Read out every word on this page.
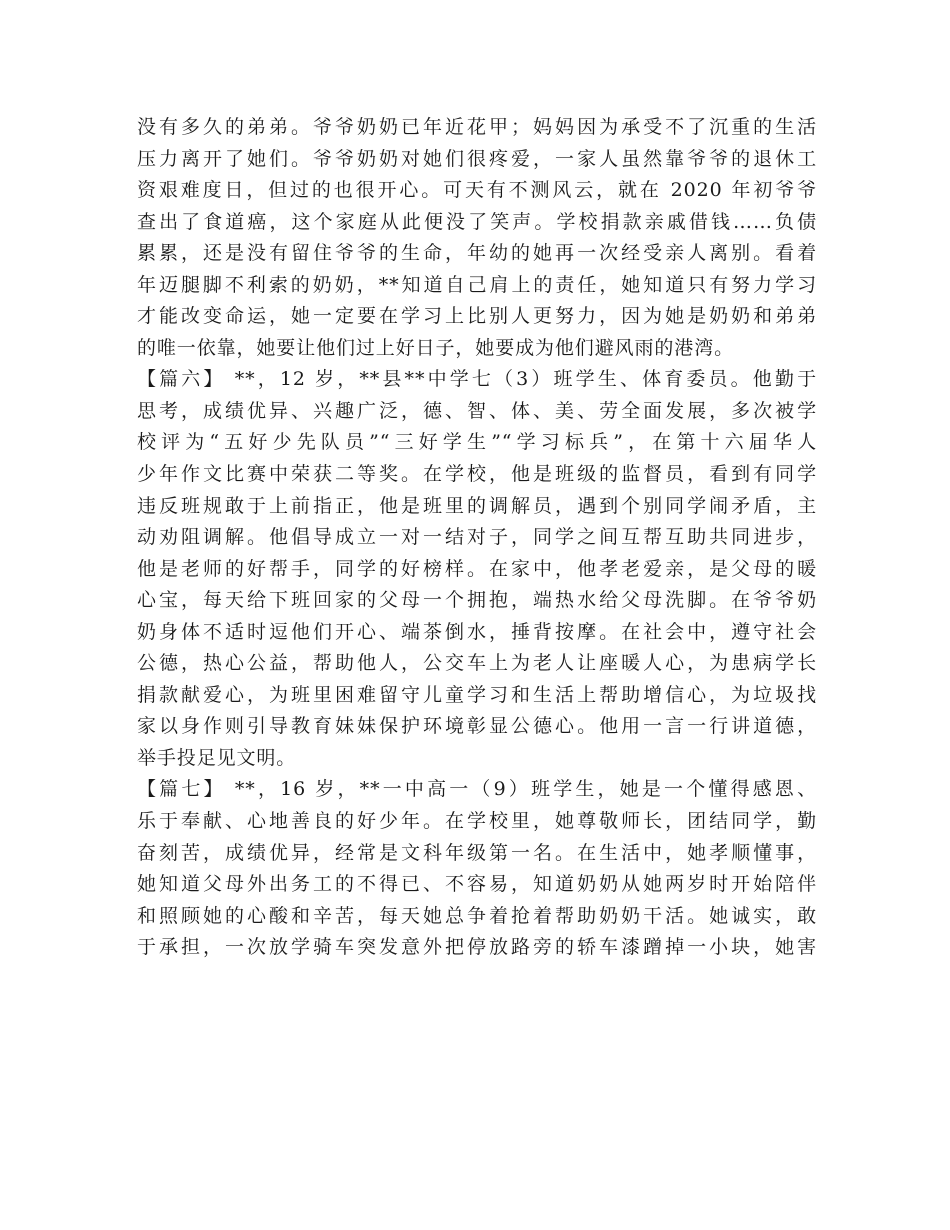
没有多久的弟弟。爷爷奶奶已年近花甲；妈妈因为承受不了沉重的生活
压力离开了她们。爷爷奶奶对她们很疼爱，一家人虽然靠爷爷的退休工
资艰难度日，但过的也很开心。可天有不测风云，就在 2020 年初爷爷
查出了食道癌，这个家庭从此便没了笑声。学校捐款亲戚借钱……负债
累累，还是没有留住爷爷的生命，年幼的她再一次经受亲人离别。看着
年迈腿脚不利索的奶奶，**知道自己肩上的责任，她知道只有努力学习
才能改变命运，她一定要在学习上比别人更努力，因为她是奶奶和弟弟
的唯一依靠，她要让他们过上好日子，她要成为他们避风雨的港湾。
【篇六】 **，12 岁，**县**中学七（3）班学生、体育委员。他勤于
思考，成绩优异、兴趣广泛，德、智、体、美、劳全面发展，多次被学
校评为“五好少先队员”“三好学生”“学习标兵”，在第十六届华人
少年作文比赛中荣获二等奖。在学校，他是班级的监督员，看到有同学
违反班规敢于上前指正，他是班里的调解员，遇到个别同学闹矛盾，主
动劝阻调解。他倡导成立一对一结对子，同学之间互帮互助共同进步，
他是老师的好帮手，同学的好榜样。在家中，他孝老爱亲，是父母的暖
心宝，每天给下班回家的父母一个拥抱，端热水给父母洗脚。在爷爷奶
奶身体不适时逗他们开心、端茶倒水，捶背按摩。在社会中，遵守社会
公德，热心公益，帮助他人，公交车上为老人让座暖人心，为患病学长
捐款献爱心，为班里困难留守儿童学习和生活上帮助增信心，为垃圾找
家以身作则引导教育妹妹保护环境彰显公德心。他用一言一行讲道德，
举手投足见文明。
【篇七】 **，16 岁，**一中高一（9）班学生，她是一个懂得感恩、
乐于奉献、心地善良的好少年。在学校里，她尊敬师长，团结同学，勤
奋刻苦，成绩优异，经常是文科年级第一名。在生活中，她孝顺懂事，
她知道父母外出务工的不得已、不容易，知道奶奶从她两岁时开始陪伴
和照顾她的心酸和辛苦，每天她总争着抢着帮助奶奶干活。她诚实，敢
于承担，一次放学骑车突发意外把停放路旁的轿车漆蹭掉一小块，她害
